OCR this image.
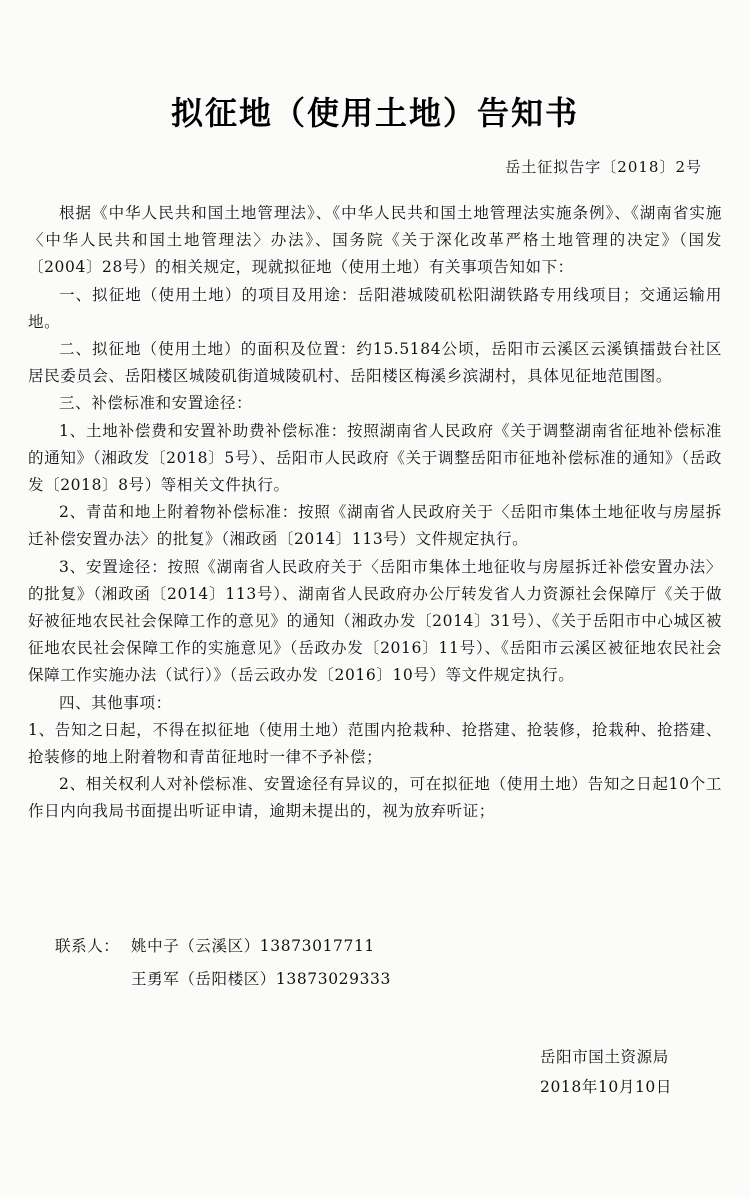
拟征地（使用土地）告知书
岳土征拟告字〔2018〕2号

根据《中华人民共和国土地管理法》、《中华人民共和国土地管理法实施条例》、《湖南省实施〈中华人民共和国土地管理法〉办法》、国务院《关于深化改革严格土地管理的决定》（国发〔2004〕28号）的相关规定，现就拟征地（使用土地）有关事项告知如下：

一、拟征地（使用土地）的项目及用途：岳阳港城陵矶松阳湖铁路专用线项目；交通运输用地。

二、拟征地（使用土地）的面积及位置：约15.5184公顷，岳阳市云溪区云溪镇擂鼓台社区居民委员会、岳阳楼区城陵矶街道城陵矶村、岳阳楼区梅溪乡滨湖村，具体见征地范围图。

三、补偿标准和安置途径：

1、土地补偿费和安置补助费补偿标准：按照湖南省人民政府《关于调整湖南省征地补偿标准的通知》（湘政发〔2018〕5号）、岳阳市人民政府《关于调整岳阳市征地补偿标准的通知》（岳政发〔2018〕8号）等相关文件执行。

2、青苗和地上附着物补偿标准：按照《湖南省人民政府关于〈岳阳市集体土地征收与房屋拆迁补偿安置办法〉的批复》（湘政函〔2014〕113号）文件规定执行。

3、安置途径：按照《湖南省人民政府关于〈岳阳市集体土地征收与房屋拆迁补偿安置办法〉的批复》（湘政函〔2014〕113号）、湖南省人民政府办公厅转发省人力资源社会保障厅《关于做好被征地农民社会保障工作的意见》的通知（湘政办发〔2014〕31号）、《关于岳阳市中心城区被征地农民社会保障工作的实施意见》（岳政办发〔2016〕11号）、《岳阳市云溪区被征地农民社会保障工作实施办法（试行）》（岳云政办发〔2016〕10号）等文件规定执行。

四、其他事项：

1、告知之日起，不得在拟征地（使用土地）范围内抢栽种、抢搭建、抢装修，抢栽种、抢搭建、抢装修的地上附着物和青苗征地时一律不予补偿；

2、相关权利人对补偿标准、安置途径有异议的，可在拟征地（使用土地）告知之日起10个工作日内向我局书面提出听证申请，逾期未提出的，视为放弃听证；

联系人： 姚中子（云溪区）13873017711
王勇军（岳阳楼区）13873029333
岳阳市国土资源局
2018年10月10日
